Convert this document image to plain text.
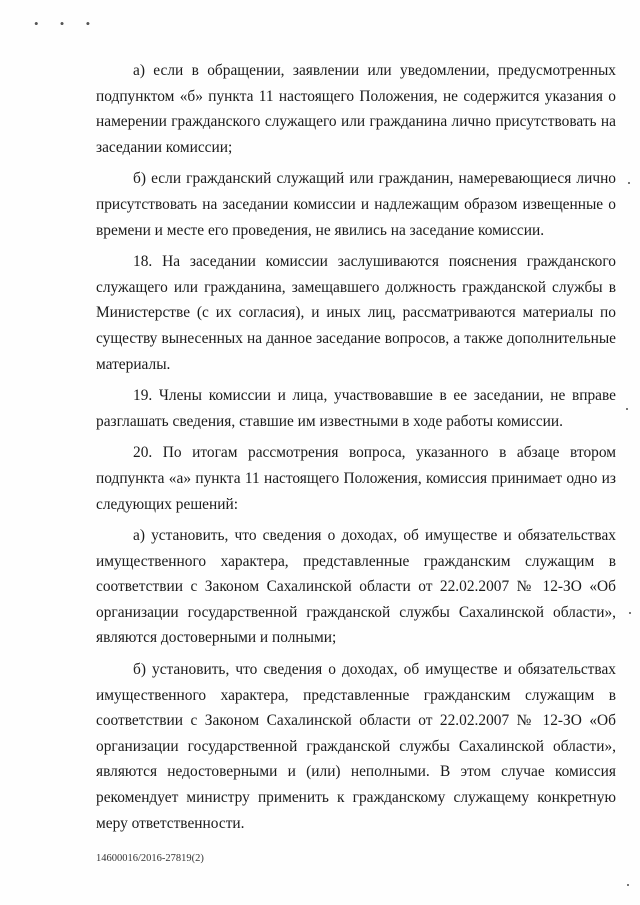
• • •

а) если в обращении, заявлении или уведомлении, предусмотренных подпунктом «б» пункта 11 настоящего Положения, не содержится указания о намерении гражданского служащего или гражданина лично присутствовать на заседании комиссии;

б) если гражданский служащий или гражданин, намеревающиеся лично присутствовать на заседании комиссии и надлежащим образом извещенные о времени и месте его проведения, не явились на заседание комиссии.

18. На заседании комиссии заслушиваются пояснения гражданского служащего или гражданина, замещавшего должность гражданской службы в Министерстве (с их согласия), и иных лиц, рассматриваются материалы по существу вынесенных на данное заседание вопросов, а также дополнительные материалы.

19. Члены комиссии и лица, участвовавшие в ее заседании, не вправе разглашать сведения, ставшие им известными в ходе работы комиссии.

20. По итогам рассмотрения вопроса, указанного в абзаце втором подпункта «а» пункта 11 настоящего Положения, комиссия принимает одно из следующих решений:

а) установить, что сведения о доходах, об имуществе и обязательствах имущественного характера, представленные гражданским служащим в соответствии с Законом Сахалинской области от 22.02.2007 № 12-ЗО «Об организации государственной гражданской службы Сахалинской области», являются достоверными и полными;

б) установить, что сведения о доходах, об имуществе и обязательствах имущественного характера, представленные гражданским служащим в соответствии с Законом Сахалинской области от 22.02.2007 № 12-ЗО «Об организации государственной гражданской службы Сахалинской области», являются недостоверными и (или) неполными. В этом случае комиссия рекомендует министру применить к гражданскому служащему конкретную меру ответственности.

14600016/2016-27819(2)
